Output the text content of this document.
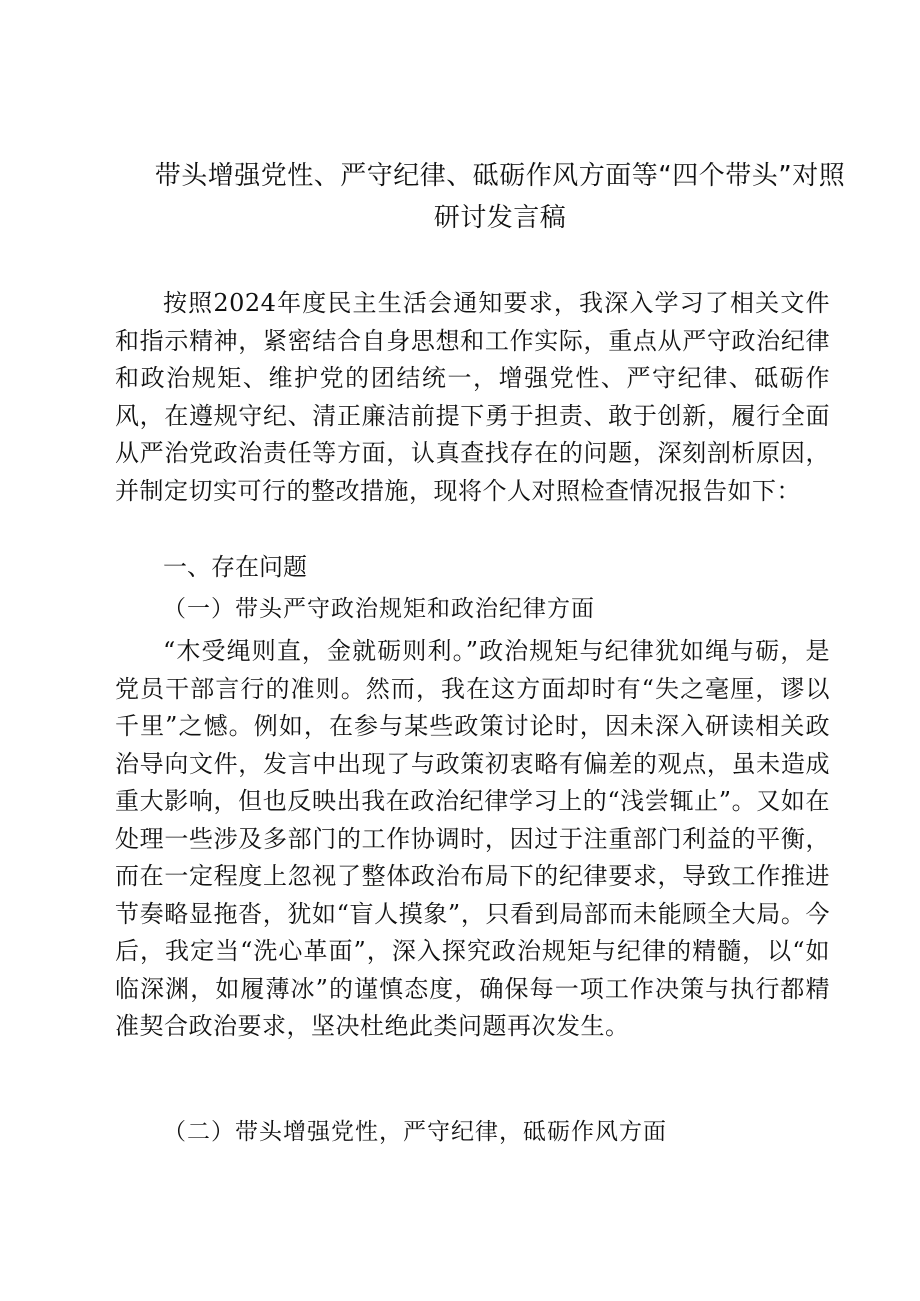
带头增强党性、严守纪律、砥砺作风方面等“四个带头”对照研讨发言稿

按照2024年度民主生活会通知要求，我深入学习了相关文件和指示精神，紧密结合自身思想和工作实际，重点从严守政治纪律和政治规矩、维护党的团结统一，增强党性、严守纪律、砥砺作风，在遵规守纪、清正廉洁前提下勇于担责、敢于创新，履行全面从严治党政治责任等方面，认真查找存在的问题，深刻剖析原因，并制定切实可行的整改措施，现将个人对照检查情况报告如下：

一、存在问题

（一）带头严守政治规矩和政治纪律方面

“木受绳则直，金就砺则利。”政治规矩与纪律犹如绳与砺，是党员干部言行的准则。然而，我在这方面却时有“失之毫厘，谬以千里”之憾。例如，在参与某些政策讨论时，因未深入研读相关政治导向文件，发言中出现了与政策初衷略有偏差的观点，虽未造成重大影响，但也反映出我在政治纪律学习上的“浅尝辄止”。又如在处理一些涉及多部门的工作协调时，因过于注重部门利益的平衡，而在一定程度上忽视了整体政治布局下的纪律要求，导致工作推进节奏略显拖沓，犹如“盲人摸象”，只看到局部而未能顾全大局。今后，我定当“洗心革面”，深入探究政治规矩与纪律的精髓，以“如临深渊，如履薄冰”的谨慎态度，确保每一项工作决策与执行都精准契合政治要求，坚决杜绝此类问题再次发生。

（二）带头增强党性，严守纪律，砥砺作风方面
